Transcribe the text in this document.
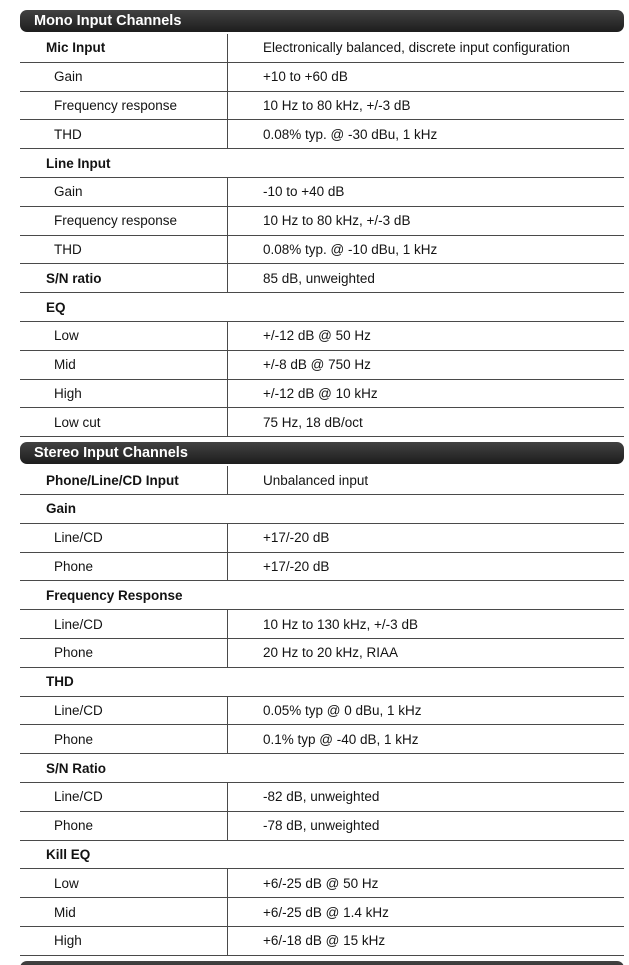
Mono Input Channels
Mic Input	Electronically balanced, discrete input configuration
Gain	+10 to +60 dB
Frequency response	10 Hz to 80 kHz, +/-3 dB
THD	0.08% typ. @ -30 dBu, 1 kHz
Line Input
Gain	-10 to +40 dB
Frequency response	10 Hz to 80 kHz, +/-3 dB
THD	0.08% typ. @ -10 dBu, 1 kHz
S/N ratio	85 dB, unweighted
EQ
Low	+/-12 dB @ 50 Hz
Mid	+/-8 dB @ 750 Hz
High	+/-12 dB @ 10 kHz
Low cut	75 Hz, 18 dB/oct
Stereo Input Channels
Phone/Line/CD Input	Unbalanced input
Gain
Line/CD	+17/-20 dB
Phone	+17/-20 dB
Frequency Response
Line/CD	10 Hz to 130 kHz, +/-3 dB
Phone	20 Hz to 20 kHz, RIAA
THD
Line/CD	0.05% typ @ 0 dBu, 1 kHz
Phone	0.1% typ @ -40 dB, 1 kHz
S/N Ratio
Line/CD	-82 dB, unweighted
Phone	-78 dB, unweighted
Kill EQ
Low	+6/-25 dB @ 50 Hz
Mid	+6/-25 dB @ 1.4 kHz
High	+6/-18 dB @ 15 kHz
